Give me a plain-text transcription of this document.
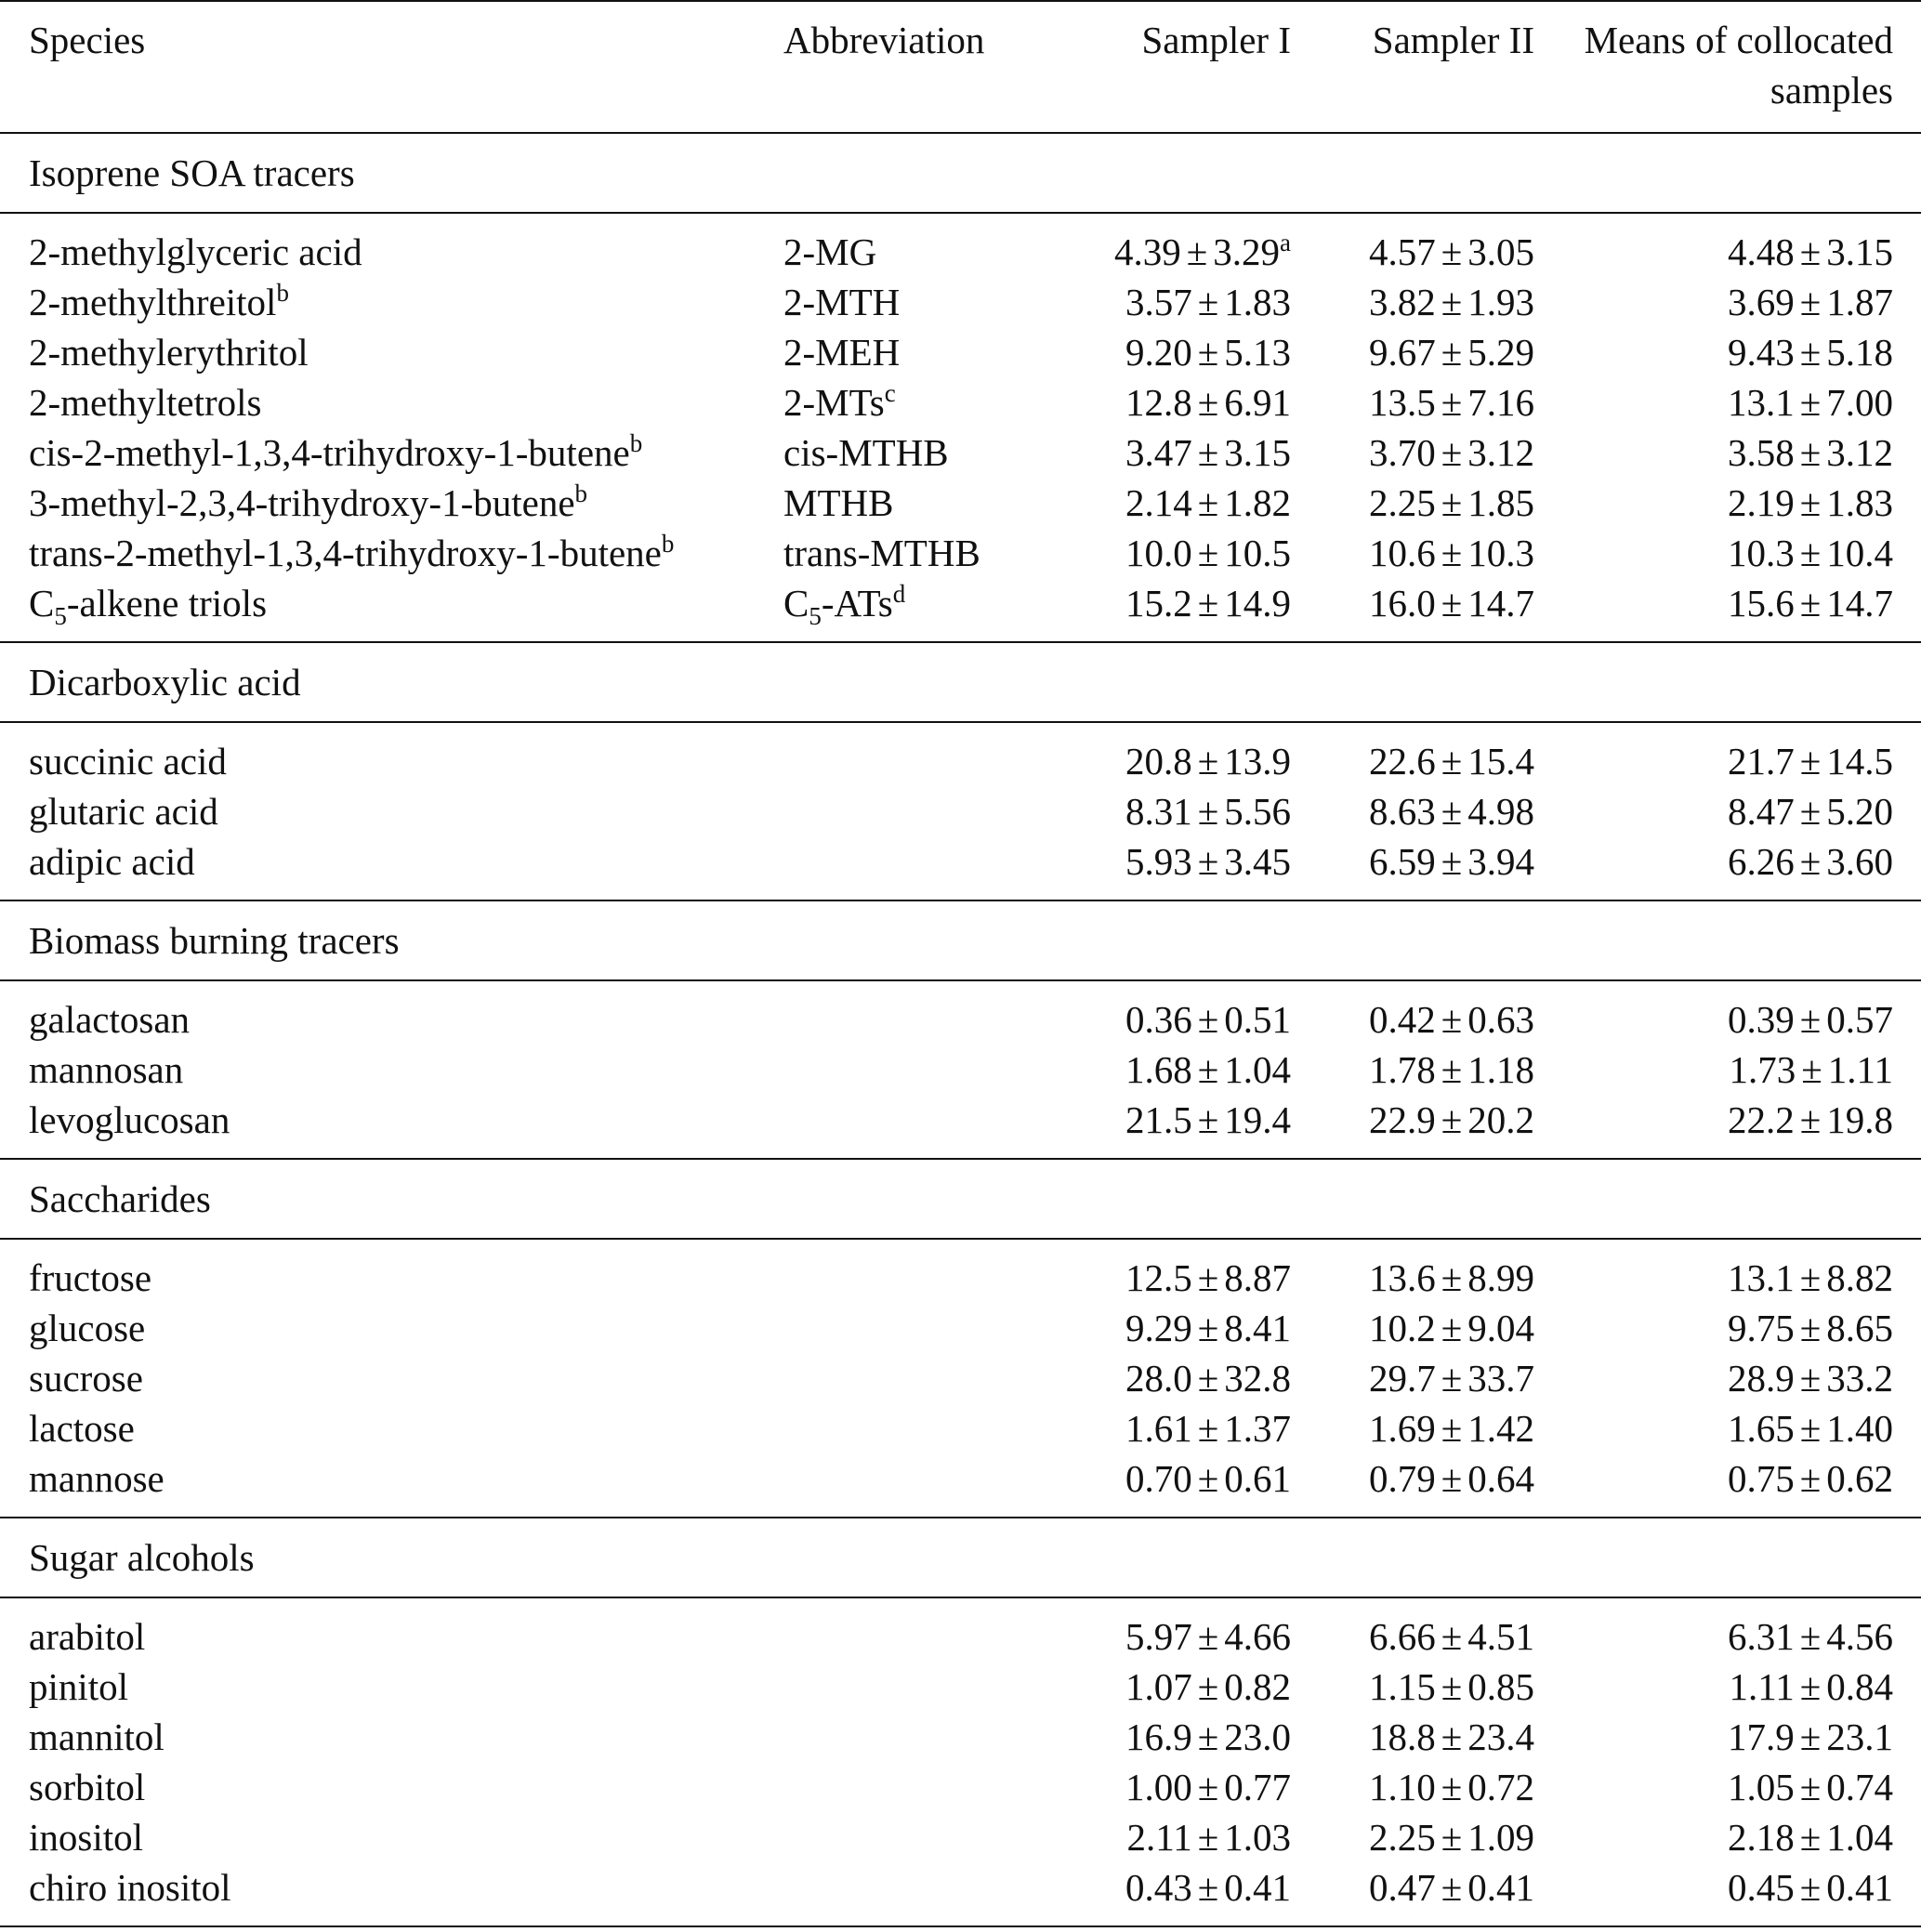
Species	Abbreviation	Sampler I	Sampler II	Means of collocated
samples
Isoprene SOA tracers				
2-methylglyceric acid	2-MG	4.39 ± 3.29$^a$	4.57 ± 3.05	4.48 ± 3.15
2-methylthreitol$^b$	2-MTH	3.57 ± 1.83	3.82 ± 1.93	3.69 ± 1.87
2-methylerythritol	2-MEH	9.20 ± 5.13	9.67 ± 5.29	9.43 ± 5.18
2-methyltetrols	2-MTs$^c$	12.8 ± 6.91	13.5 ± 7.16	13.1 ± 7.00
cis-2-methyl-1,3,4-trihydroxy-1-butene$^b$	cis-MTHB	3.47 ± 3.15	3.70 ± 3.12	3.58 ± 3.12
3-methyl-2,3,4-trihydroxy-1-butene$^b$	MTHB	2.14 ± 1.82	2.25 ± 1.85	2.19 ± 1.83
trans-2-methyl-1,3,4-trihydroxy-1-butene$^b$	trans-MTHB	10.0 ± 10.5	10.6 ± 10.3	10.3 ± 10.4
$C_5$-alkene triols	$C_5-ATs^d$	15.2 ± 14.9	16.0 ± 14.7	15.6 ± 14.7
Dicarboxylic acid				
succinic acid		20.8 ± 13.9	22.6 ± 15.4	21.7 ± 14.5
glutaric acid		8.31 ± 5.56	8.63 ± 4.98	8.47 ± 5.20
adipic acid		5.93 ± 3.45	6.59 ± 3.94	6.26 ± 3.60
Biomass burning tracers				
galactosan		0.36 ± 0.51	0.42 ± 0.63	0.39 ± 0.57
mannosan		1.68 ± 1.04	1.78 ± 1.18	1.73 ± 1.11
levoglucosan		21.5 ± 19.4	22.9 ± 20.2	22.2 ± 19.8
Saccharides				
fructose		12.5 ± 8.87	13.6 ± 8.99	13.1 ± 8.82
glucose		9.29 ± 8.41	10.2 ± 9.04	9.75 ± 8.65
sucrose		28.0 ± 32.8	29.7 ± 33.7	28.9 ± 33.2
lactose		1.61 ± 1.37	1.69 ± 1.42	1.65 ± 1.40
mannose		0.70 ± 0.61	0.79 ± 0.64	0.75 ± 0.62
Sugar alcohols				
arabitol		5.97 ± 4.66	6.66 ± 4.51	6.31 ± 4.56
pinitol		1.07 ± 0.82	1.15 ± 0.85	1.11 ± 0.84
mannitol		16.9 ± 23.0	18.8 ± 23.4	17.9 ± 23.1
sorbitol		1.00 ± 0.77	1.10 ± 0.72	1.05 ± 0.74
inositol		2.11 ± 1.03	2.25 ± 1.09	2.18 ± 1.04
chiro inositol		0.43 ± 0.41	0.47 ± 0.41	0.45 ± 0.41
